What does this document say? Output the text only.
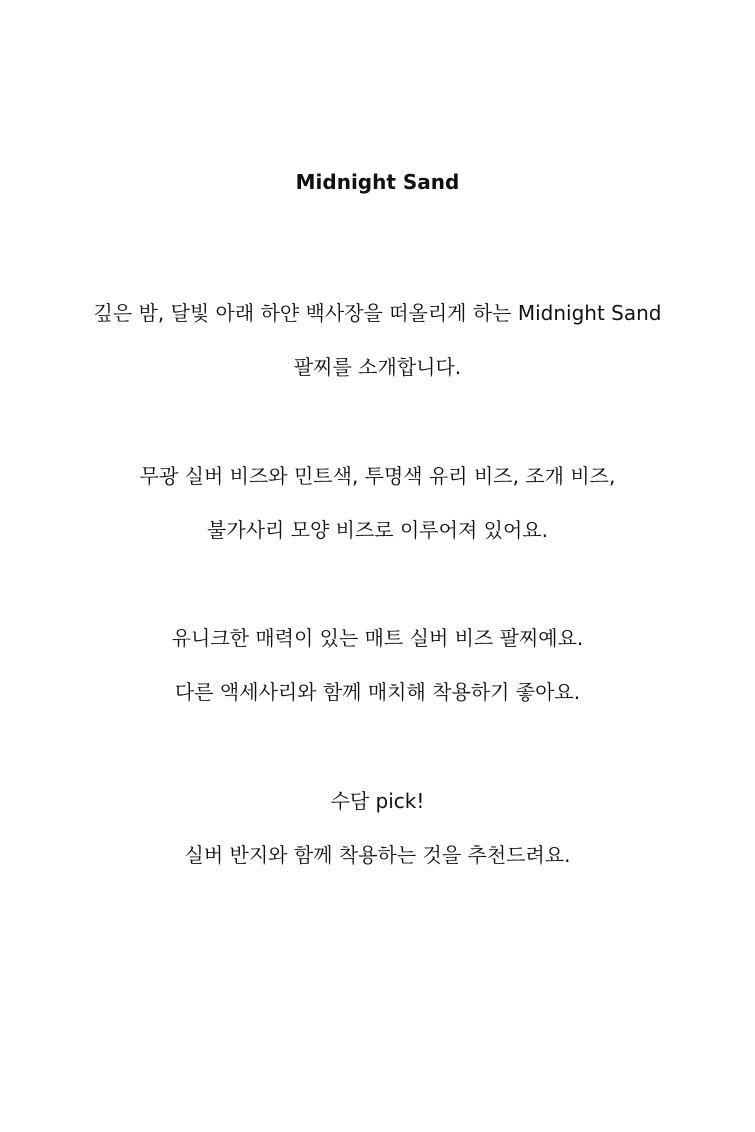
Midnight Sand
깊은 밤, 달빛 아래 하얀 백사장을 떠올리게 하는 Midnight Sand
팔찌를 소개합니다.
무광 실버 비즈와 민트색, 투명색 유리 비즈, 조개 비즈,
불가사리 모양 비즈로 이루어져 있어요.
유니크한 매력이 있는 매트 실버 비즈 팔찌예요.
다른 액세사리와 함께 매치해 착용하기 좋아요.
수담 pick!
실버 반지와 함께 착용하는 것을 추천드려요.
